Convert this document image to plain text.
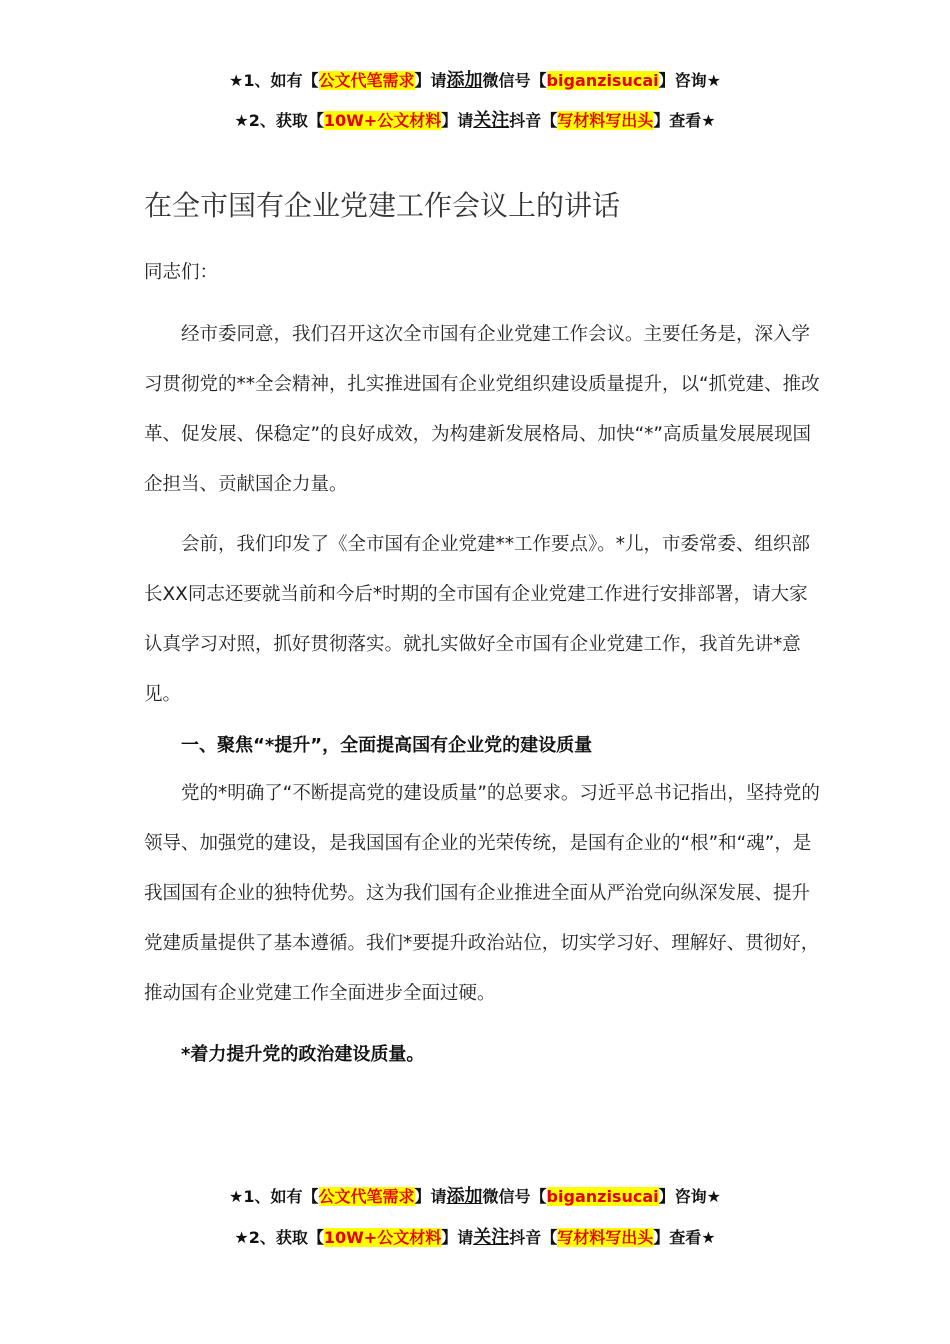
★1、如有【公文代笔需求】请添加微信号【biganzisucai】咨询★
★2、获取【10W+公文材料】请关注抖音【写材料写出头】查看★
在全市国有企业党建工作会议上的讲话

同志们：

经市委同意，我们召开这次全市国有企业党建工作会议。主要任务是，深入学习贯彻党的**全会精神，扎实推进国有企业党组织建设质量提升，以“抓党建、推改革、促发展、保稳定”的良好成效，为构建新发展格局、加快“*”高质量发展展现国企担当、贡献国企力量。

会前，我们印发了《全市国有企业党建**工作要点》。*儿，市委常委、组织部长XX同志还要就当前和今后*时期的全市国有企业党建工作进行安排部署，请大家认真学习对照，抓好贯彻落实。就扎实做好全市国有企业党建工作，我首先讲*意见。

一、聚焦“*提升”，全面提高国有企业党的建设质量

党的*明确了“不断提高党的建设质量”的总要求。习近平总书记指出，坚持党的领导、加强党的建设，是我国国有企业的光荣传统，是国有企业的“根”和“魂”，是我国国有企业的独特优势。这为我们国有企业推进全面从严治党向纵深发展、提升党建质量提供了基本遵循。我们*要提升政治站位，切实学习好、理解好、贯彻好，推动国有企业党建工作全面进步全面过硬。

*着力提升党的政治建设质量。
★1、如有【公文代笔需求】请添加微信号【biganzisucai】咨询★
★2、获取【10W+公文材料】请关注抖音【写材料写出头】查看★
